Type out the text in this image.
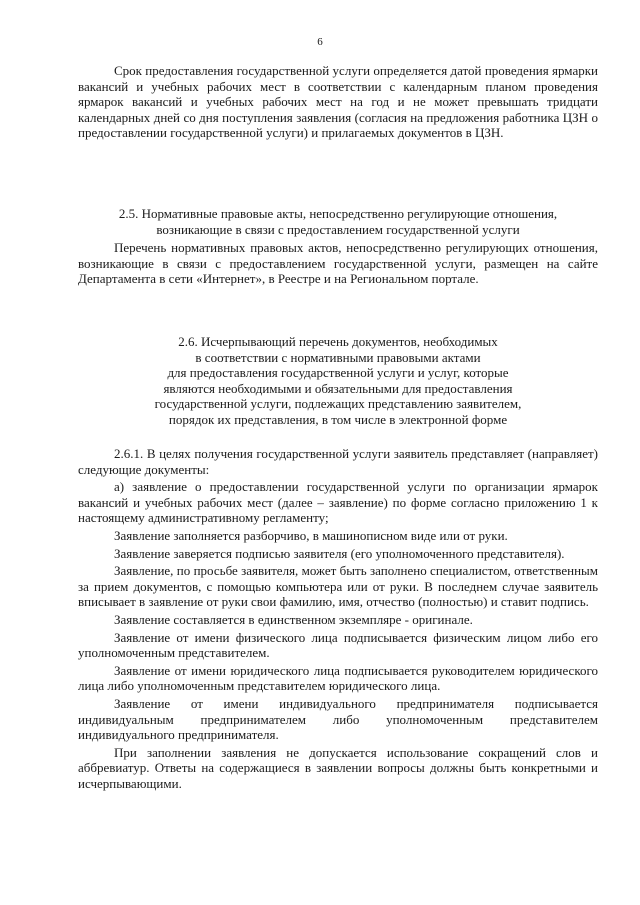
6

Срок предоставления государственной услуги определяется датой проведения ярмарки вакансий и учебных рабочих мест в соответствии с календарным планом проведения ярмарок вакансий и учебных рабочих мест на год и не может превышать тридцати календарных дней со дня поступления заявления (согласия на предложения работника ЦЗН о предоставлении государственной услуги) и прилагаемых документов в ЦЗН.

2.5. Нормативные правовые акты, непосредственно регулирующие отношения,
возникающие в связи с предоставлением государственной услуги

Перечень нормативных правовых актов, непосредственно регулирующих отношения, возникающие в связи с предоставлением государственной услуги, размещен на сайте Департамента в сети «Интернет», в Реестре и на Региональном портале.

2.6. Исчерпывающий перечень документов, необходимых
в соответствии с нормативными правовыми актами
для предоставления государственной услуги и услуг, которые
являются необходимыми и обязательными для предоставления
государственной услуги, подлежащих представлению заявителем,
порядок их представления, в том числе в электронной форме

2.6.1. В целях получения государственной услуги заявитель представляет (направляет) следующие документы:

а) заявление о предоставлении государственной услуги по организации ярмарок вакансий и учебных рабочих мест (далее – заявление) по форме согласно приложению 1 к настоящему административному регламенту;

Заявление заполняется разборчиво, в машинописном виде или от руки.

Заявление заверяется подписью заявителя (его уполномоченного представителя).

Заявление, по просьбе заявителя, может быть заполнено специалистом, ответственным за прием документов, с помощью компьютера или от руки. В последнем случае заявитель вписывает в заявление от руки свои фамилию, имя, отчество (полностью) и ставит подпись.

Заявление составляется в единственном экземпляре - оригинале.

Заявление от имени физического лица подписывается физическим лицом либо его уполномоченным представителем.

Заявление от имени юридического лица подписывается руководителем юридического лица либо уполномоченным представителем юридического лица.

Заявление от имени индивидуального предпринимателя подписывается индивидуальным предпринимателем либо уполномоченным представителем индивидуального предпринимателя.

При заполнении заявления не допускается использование сокращений слов и аббревиатур. Ответы на содержащиеся в заявлении вопросы должны быть конкретными и исчерпывающими.
